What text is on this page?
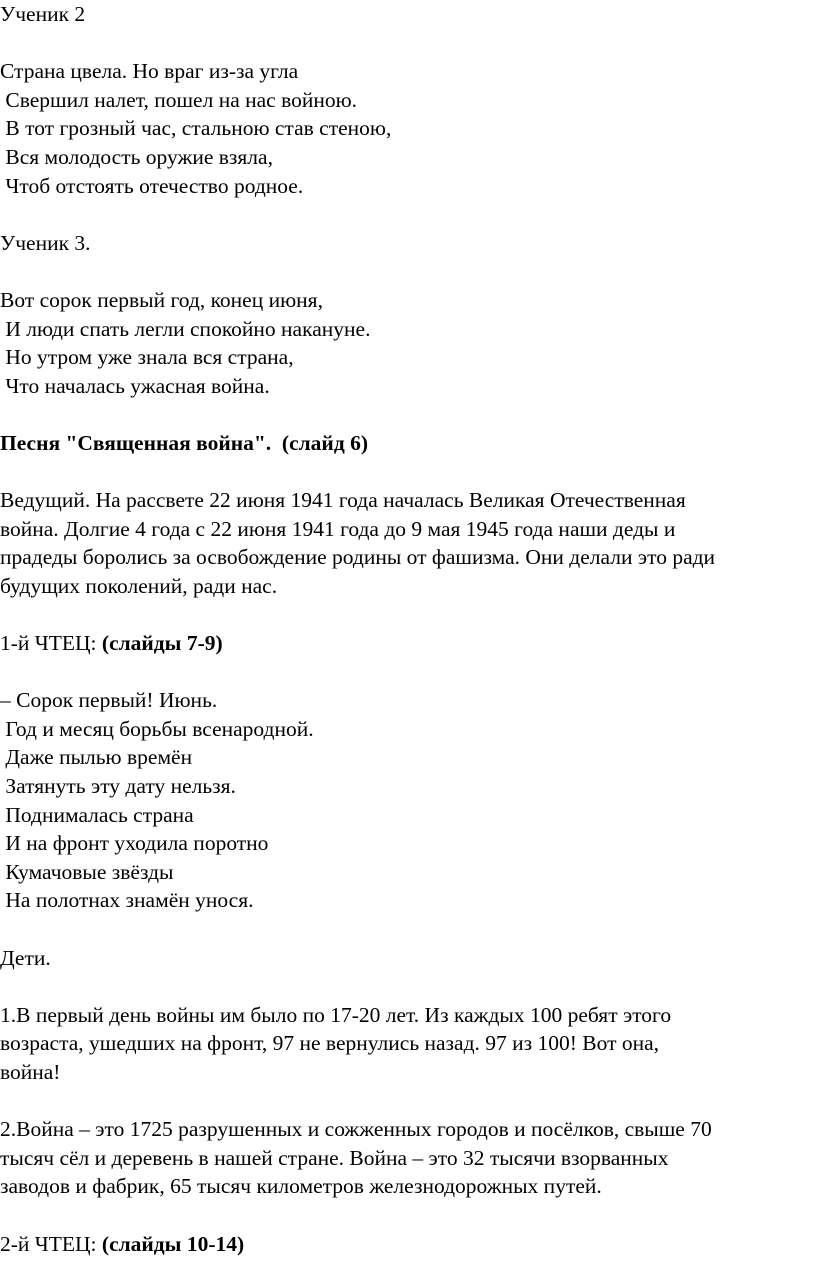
Ученик 2

Страна цвела. Но враг из-за угла

Свершил налет, пошел на нас войною.

В тот грозный час, стальною став стеною,

Вся молодость оружие взяла,

Чтоб отстоять отечество родное.

Ученик 3.

Вот сорок первый год, конец июня,

И люди спать легли спокойно накануне.

Но утром уже знала вся страна,

Что началась ужасная война.

Песня "Священная война".  (слайд 6)

Ведущий. На рассвете 22 июня 1941 года началась Великая Отечественная

война. Долгие 4 года с 22 июня 1941 года до 9 мая 1945 года наши деды и

прадеды боролись за освобождение родины от фашизма. Они делали это ради

будущих поколений, ради нас.

1-й ЧТЕЦ: (слайды 7-9)

– Сорок первый! Июнь.

Год и месяц борьбы всенародной.

Даже пылью времён

Затянуть эту дату нельзя.

Поднималась страна

И на фронт уходила поротно

Кумачовые звёзды

На полотнах знамён унося.

Дети.

1.В первый день войны им было по 17-20 лет. Из каждых 100 ребят этого

возраста, ушедших на фронт, 97 не вернулись назад. 97 из 100! Вот она,

война!

2.Война – это 1725 разрушенных и сожженных городов и посёлков, свыше 70

тысяч сёл и деревень в нашей стране. Война – это 32 тысячи взорванных

заводов и фабрик, 65 тысяч километров железнодорожных путей.

2-й ЧТЕЦ: (слайды 10-14)
